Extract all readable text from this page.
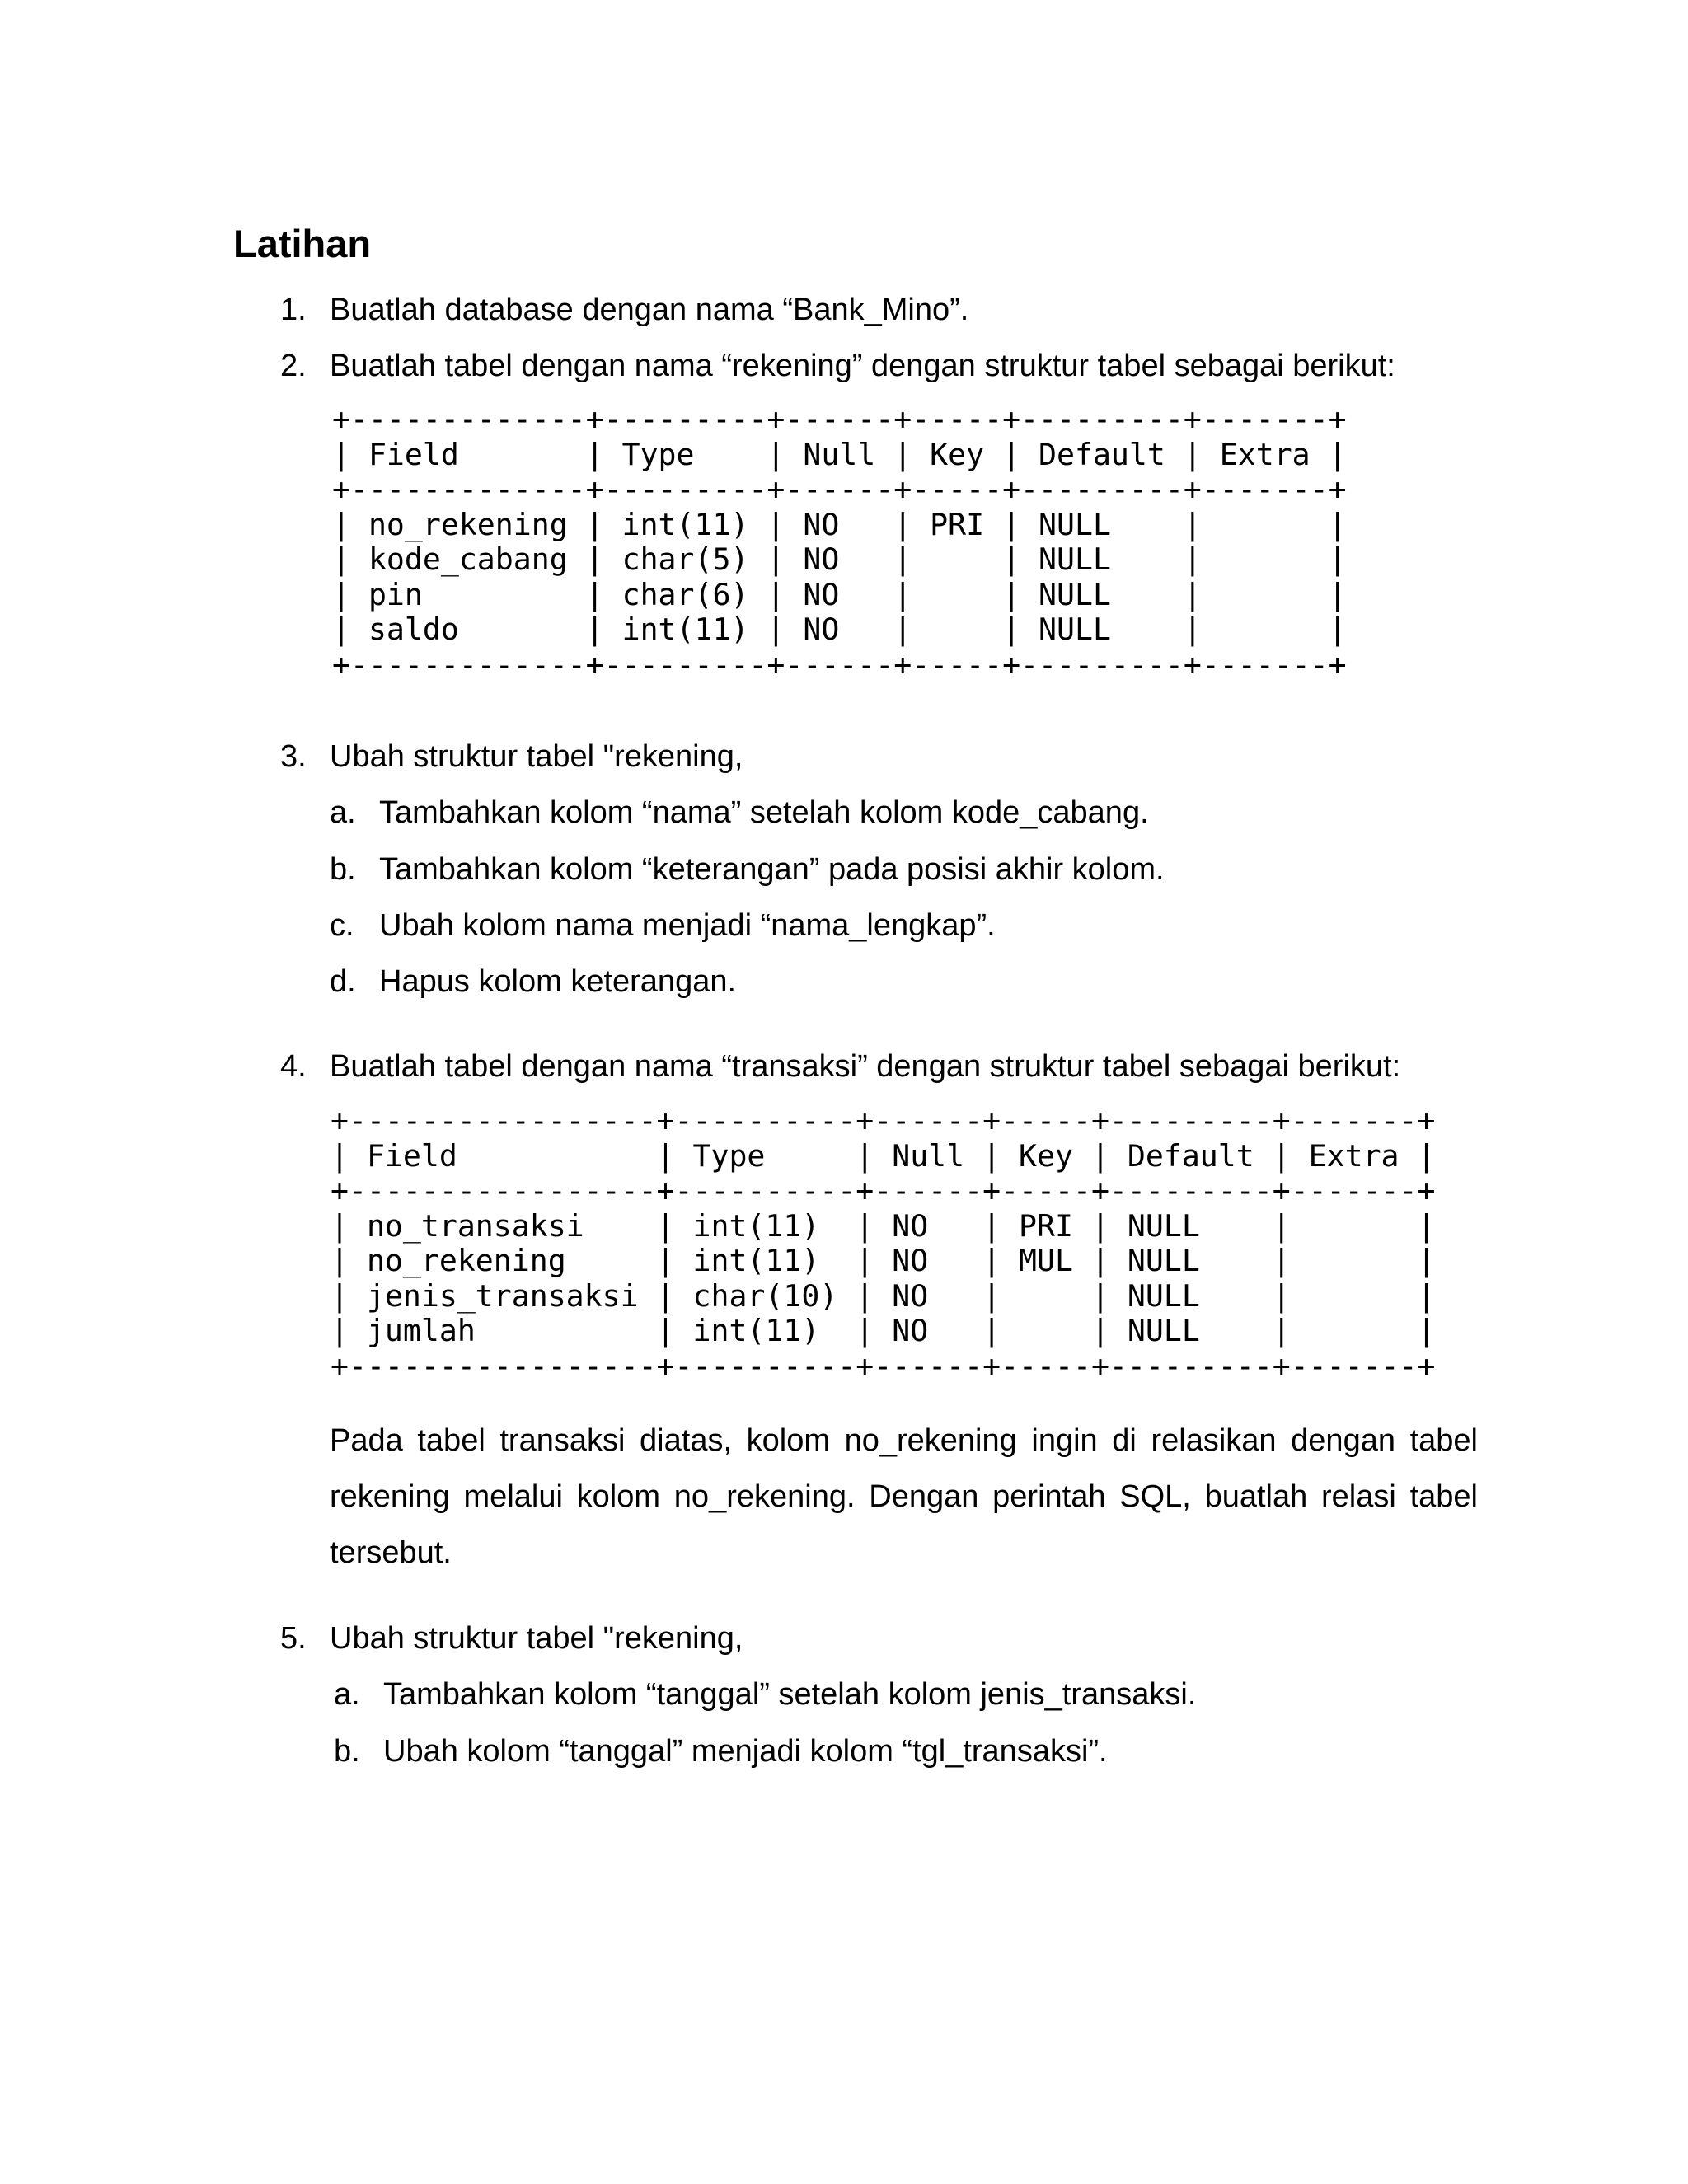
Latihan
1. Buatlah database dengan nama “Bank_Mino”.
2. Buatlah tabel dengan nama “rekening” dengan struktur tabel sebagai berikut:
+-------------+---------+------+-----+---------+-------+
| Field       | Type    | Null | Key | Default | Extra |
+-------------+---------+------+-----+---------+-------+
| no_rekening | int(11) | NO   | PRI | NULL    |       |
| kode_cabang | char(5) | NO   |     | NULL    |       |
| pin         | char(6) | NO   |     | NULL    |       |
| saldo       | int(11) | NO   |     | NULL    |       |
+-------------+---------+------+-----+---------+-------+
3. Ubah struktur tabel "rekening,
a. Tambahkan kolom “nama” setelah kolom kode_cabang.
b. Tambahkan kolom “keterangan” pada posisi akhir kolom.
c. Ubah kolom nama menjadi “nama_lengkap”.
d. Hapus kolom keterangan.
4. Buatlah tabel dengan nama “transaksi” dengan struktur tabel sebagai berikut:
+-----------------+----------+------+-----+---------+-------+
| Field           | Type     | Null | Key | Default | Extra |
+-----------------+----------+------+-----+---------+-------+
| no_transaksi    | int(11)  | NO   | PRI | NULL    |       |
| no_rekening     | int(11)  | NO   | MUL | NULL    |       |
| jenis_transaksi | char(10) | NO   |     | NULL    |       |
| jumlah          | int(11)  | NO   |     | NULL    |       |
+-----------------+----------+------+-----+---------+-------+
Pada tabel transaksi diatas, kolom no_rekening ingin di relasikan dengan tabel rekening melalui kolom no_rekening. Dengan perintah SQL, buatlah relasi tabel tersebut.
5. Ubah struktur tabel "rekening,
a. Tambahkan kolom “tanggal” setelah kolom jenis_transaksi.
b. Ubah kolom “tanggal” menjadi kolom “tgl_transaksi”.
